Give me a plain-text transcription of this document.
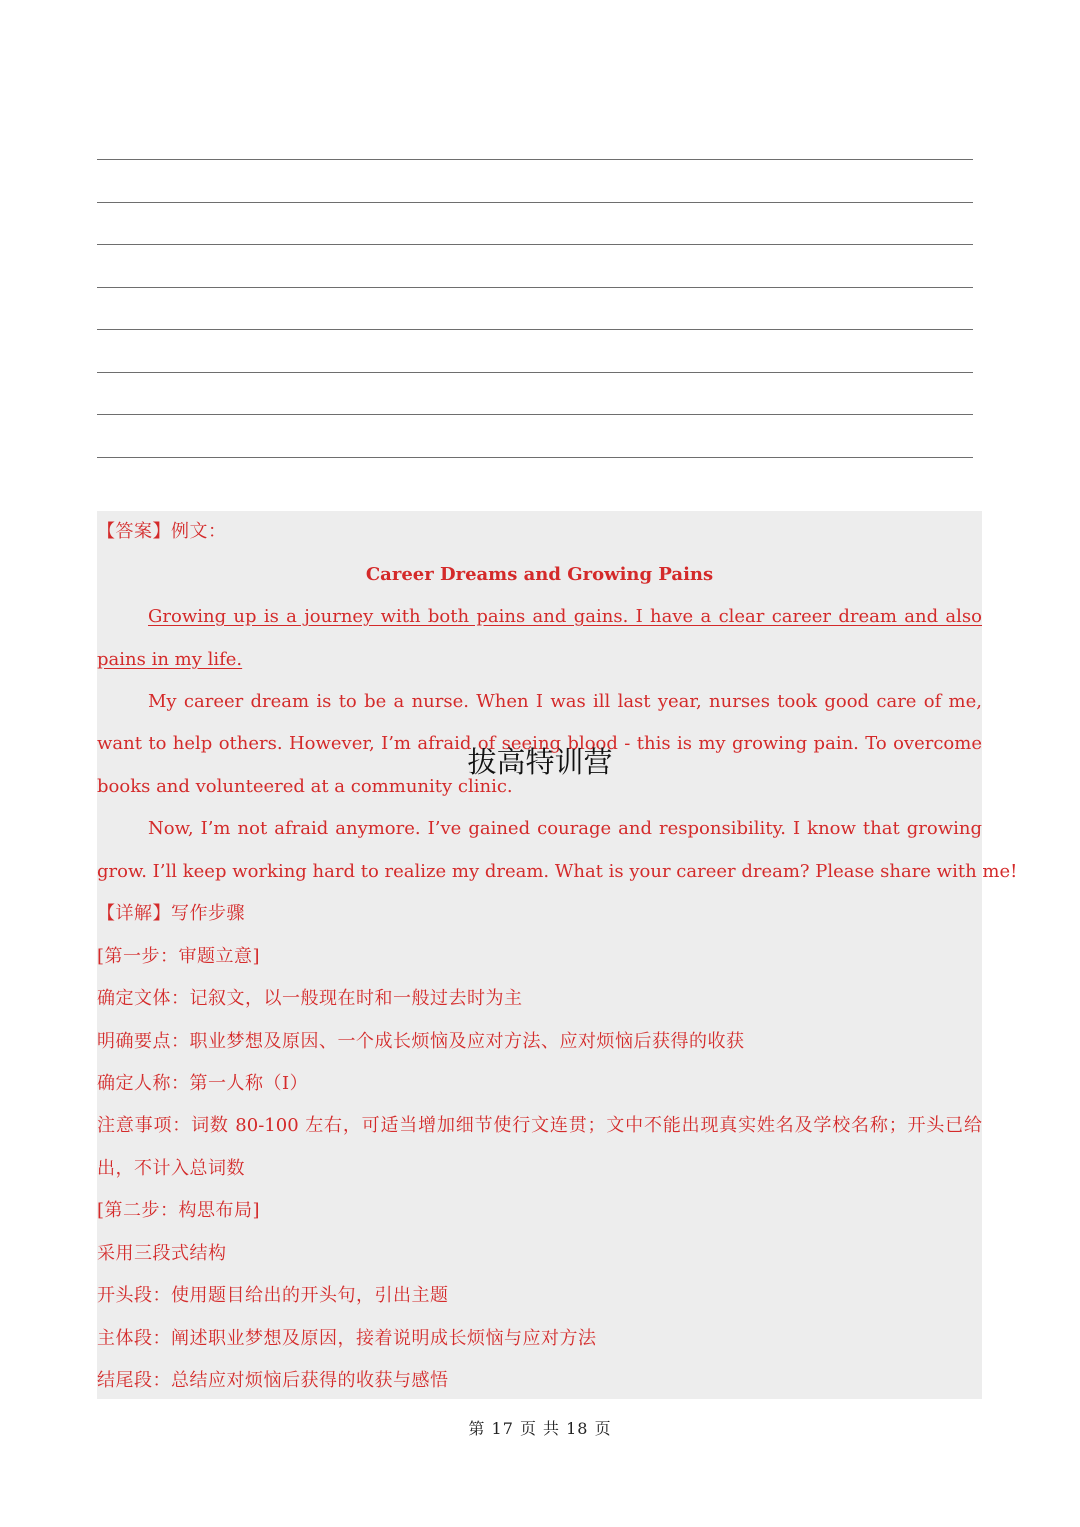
【答案】例文：
Career Dreams and Growing Pains
Growing up is a journey with both pains and gains. I have a clear career dream and also
pains in my life.
My career dream is to be a nurse. When I was ill last year, nurses took good care of me,
want to help others. However, I’m afraid of seeing blood - this is my growing pain. To overcome
books and volunteered at a community clinic.
Now, I’m not afraid anymore. I’ve gained courage and responsibility. I know that growing
grow. I’ll keep working hard to realize my dream. What is your career dream? Please share with me!
【详解】写作步骤
[第一步：审题立意]
确定文体：记叙文，以一般现在时和一般过去时为主
明确要点：职业梦想及原因、一个成长烦恼及应对方法、应对烦恼后获得的收获
确定人称：第一人称（I）
注意事项：词数 80-100 左右，可适当增加细节使行文连贯；文中不能出现真实姓名及学校名称；开头已给
出，不计入总词数
[第二步：构思布局]
采用三段式结构
开头段：使用题目给出的开头句，引出主题
主体段：阐述职业梦想及原因，接着说明成长烦恼与应对方法
结尾段：总结应对烦恼后获得的收获与感悟
拔高特训营
第 17 页 共 18 页
